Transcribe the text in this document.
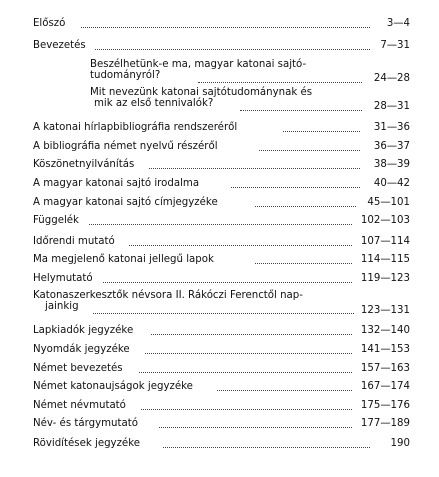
Előszó	3—4
Bevezetés	7—31
Beszélhetünk-e ma, magyar katonai sajtó-
tudományról?	24—28
Mit nevezünk katonai sajtótudománynak és
mik az első tennivalók?	28—31
A katonai hírlapbibliográfia rendszeréről	31—36
A bibliográfia német nyelvű részéről	36—37
Köszönetnyilvánítás	38—39
A magyar katonai sajtó irodalma	40—42
A magyar katonai sajtó címjegyzéke	45—101
Függelék	102—103
Időrendi mutató	107—114
Ma megjelenő katonai jellegű lapok	114—115
Helymutató	119—123
Katonaszerkesztők névsora II. Rákóczi Ferenctől nap-
jainkig	123—131
Lapkiadók jegyzéke	132—140
Nyomdák jegyzéke	141—153
Német bevezetés	157—163
Német katonaujságok jegyzéke	167—174
Német névmutató	175—176
Név- és tárgymutató	177—189
Rövidítések jegyzéke	190
